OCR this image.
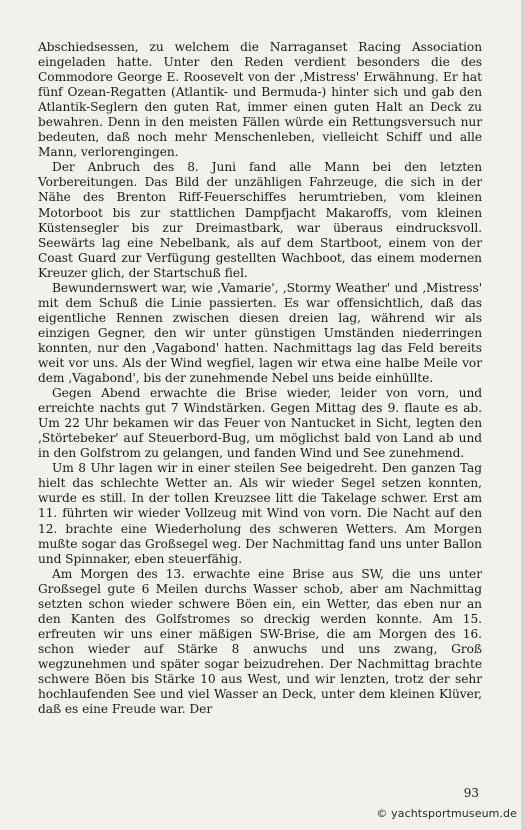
Abschiedsessen, zu welchem die Narraganset Racing Association eingeladen hatte. Unter den Reden verdient besonders die des Commodore George E. Roosevelt von der ‚Mistress' Erwähnung. Er hat fünf Ozean-Regatten (Atlantik- und Bermuda-) hinter sich und gab den Atlantik-Seglern den guten Rat, immer einen guten Halt an Deck zu bewahren. Denn in den meisten Fällen würde ein Rettungsversuch nur bedeuten, daß noch mehr Menschenleben, vielleicht Schiff und alle Mann, verlorengingen.

Der Anbruch des 8. Juni fand alle Mann bei den letzten Vorbereitungen. Das Bild der unzähligen Fahrzeuge, die sich in der Nähe des Brenton Riff-Feuerschiffes herumtrieben, vom kleinen Motorboot bis zur stattlichen Dampfjacht Makaroffs, vom kleinen Küstensegler bis zur Dreimastbark, war überaus eindrucksvoll. Seewärts lag eine Nebelbank, als auf dem Startboot, einem von der Coast Guard zur Verfügung gestellten Wachboot, das einem modernen Kreuzer glich, der Startschuß fiel.

Bewundernswert war, wie ‚Vamarie', ‚Stormy Weather' und ‚Mistress' mit dem Schuß die Linie passierten. Es war offensichtlich, daß das eigentliche Rennen zwischen diesen dreien lag, während wir als einzigen Gegner, den wir unter günstigen Umständen niederringen konnten, nur den ‚Vagabond' hatten. Nachmittags lag das Feld bereits weit vor uns. Als der Wind wegfiel, lagen wir etwa eine halbe Meile vor dem ‚Vagabond', bis der zunehmende Nebel uns beide einhüllte.

Gegen Abend erwachte die Brise wieder, leider von vorn, und erreichte nachts gut 7 Windstärken. Gegen Mittag des 9. flaute es ab. Um 22 Uhr bekamen wir das Feuer von Nantucket in Sicht, legten den ‚Störtebeker' auf Steuerbord-Bug, um möglichst bald von Land ab und in den Golfstrom zu gelangen, und fanden Wind und See zunehmend.

Um 8 Uhr lagen wir in einer steilen See beigedreht. Den ganzen Tag hielt das schlechte Wetter an. Als wir wieder Segel setzen konnten, wurde es still. In der tollen Kreuzsee litt die Takelage schwer. Erst am 11. führten wir wieder Vollzeug mit Wind von vorn. Die Nacht auf den 12. brachte eine Wiederholung des schweren Wetters. Am Morgen mußte sogar das Großsegel weg. Der Nachmittag fand uns unter Ballon und Spinnaker, eben steuerfähig.

Am Morgen des 13. erwachte eine Brise aus SW, die uns unter Großsegel gute 6 Meilen durchs Wasser schob, aber am Nachmittag setzten schon wieder schwere Böen ein, ein Wetter, das eben nur an den Kanten des Golfstromes so dreckig werden konnte. Am 15. erfreuten wir uns einer mäßigen SW-Brise, die am Morgen des 16. schon wieder auf Stärke 8 anwuchs und uns zwang, Groß wegzunehmen und später sogar beizudrehen. Der Nachmittag brachte schwere Böen bis Stärke 10 aus West, und wir lenzten, trotz der sehr hochlaufenden See und viel Wasser an Deck, unter dem kleinen Klüver, daß es eine Freude war. Der

93
© yachtsportmuseum.de
